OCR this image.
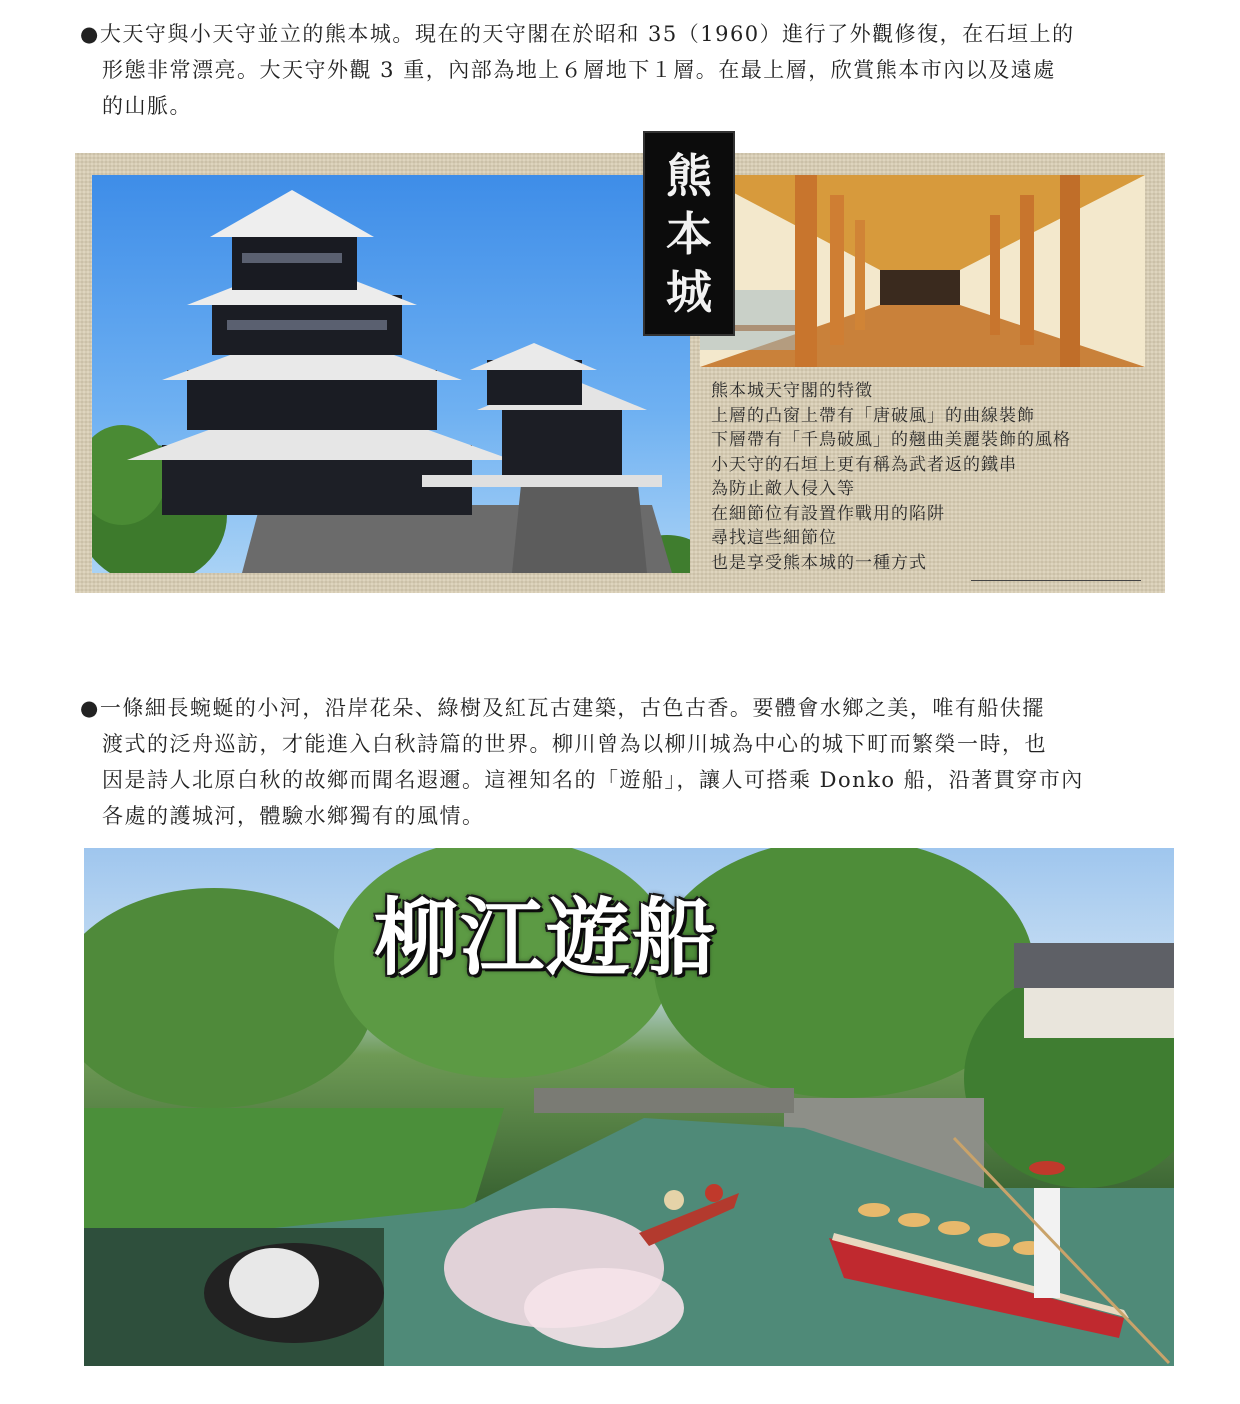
●大天守與小天守並立的熊本城。現在的天守閣在於昭和 35（1960）進行了外觀修復，在石垣上的
形態非常漂亮。大天守外觀 3 重，內部為地上６層地下１層。在最上層，欣賞熊本市內以及遠處
的山脈。
熊
本
城
熊本城天守閣的特徵
上層的凸窗上帶有「唐破風」的曲線裝飾
下層帶有「千鳥破風」的翹曲美麗裝飾的風格
小天守的石垣上更有稱為武者返的鐵串
為防止敵人侵入等
在細節位有設置作戰用的陷阱
尋找這些細節位
也是享受熊本城的一種方式
●一條細長蜿蜒的小河，沿岸花朵、綠樹及紅瓦古建築，古色古香。要體會水鄉之美，唯有船伕擺
渡式的泛舟巡訪，才能進入白秋詩篇的世界。柳川曾為以柳川城為中心的城下町而繁榮一時，也
因是詩人北原白秋的故鄉而聞名遐邇。這裡知名的「遊船」，讓人可搭乘 Donko 船，沿著貫穿市內
各處的護城河，體驗水鄉獨有的風情。
柳江遊船
